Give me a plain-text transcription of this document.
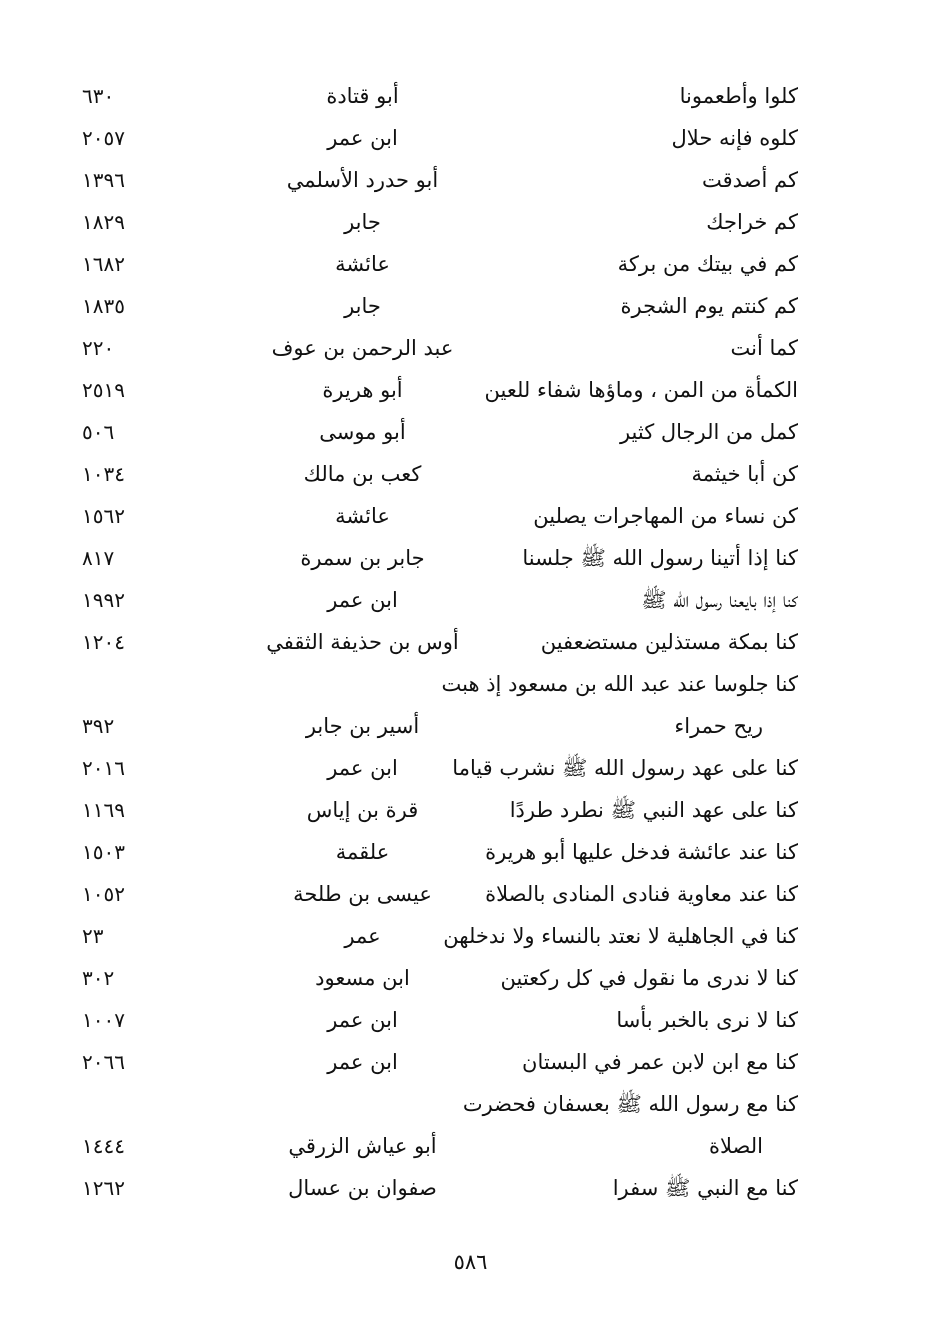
كلوا وأطعمونا
أبو قتادة
٦٣٠
كلوه فإنه حلال
ابن عمر
٢٠٥٧
كم أصدقت
أبو حدرد الأسلمي
١٣٩٦
كم خراجك
جابر
١٨٢٩
كم في بيتك من بركة
عائشة
١٦٨٢
كم كنتم يوم الشجرة
جابر
١٨٣٥
كما أنت
عبد الرحمن بن عوف
٢٢٠
الكمأة من المن ، وماؤها شفاء للعين
أبو هريرة
٢٥١٩
كمل من الرجال كثير
أبو موسى
٥٠٦
كن أبا خيثمة
كعب بن مالك
١٠٣٤
كن نساء من المهاجرات يصلين
عائشة
١٥٦٢
كنا إذا أتينا رسول الله ﷺ جلسنا
جابر بن سمرة
٨١٧
كنا إذا بايعنا رسول الله ﷺ
ابن عمر
١٩٩٢
كنا بمكة مستذلين مستضعفين
أوس بن حذيفة الثقفي
١٢٠٤
كنا جلوسا عند عبد الله بن مسعود إذ هبت
ريح حمراء
أسير بن جابر
٣٩٢
كنا على عهد رسول الله ﷺ نشرب قياما
ابن عمر
٢٠١٦
كنا على عهد النبي ﷺ نطرد طردًا
قرة بن إياس
١١٦٩
كنا عند عائشة فدخل عليها أبو هريرة
علقمة
١٥٠٣
كنا عند معاوية فنادى المنادى بالصلاة
عيسى بن طلحة
١٠٥٢
كنا في الجاهلية لا نعتد بالنساء ولا ندخلهن
عمر
٢٣
كنا لا ندرى ما نقول في كل ركعتين
ابن مسعود
٣٠٢
كنا لا نرى بالخبر بأسا
ابن عمر
١٠٠٧
كنا مع ابن لابن عمر في البستان
ابن عمر
٢٠٦٦
كنا مع رسول الله ﷺ بعسفان فحضرت
الصلاة
أبو عياش الزرقي
١٤٤٤
كنا مع النبي ﷺ سفرا
صفوان بن عسال
١٢٦٢
٥٨٦
